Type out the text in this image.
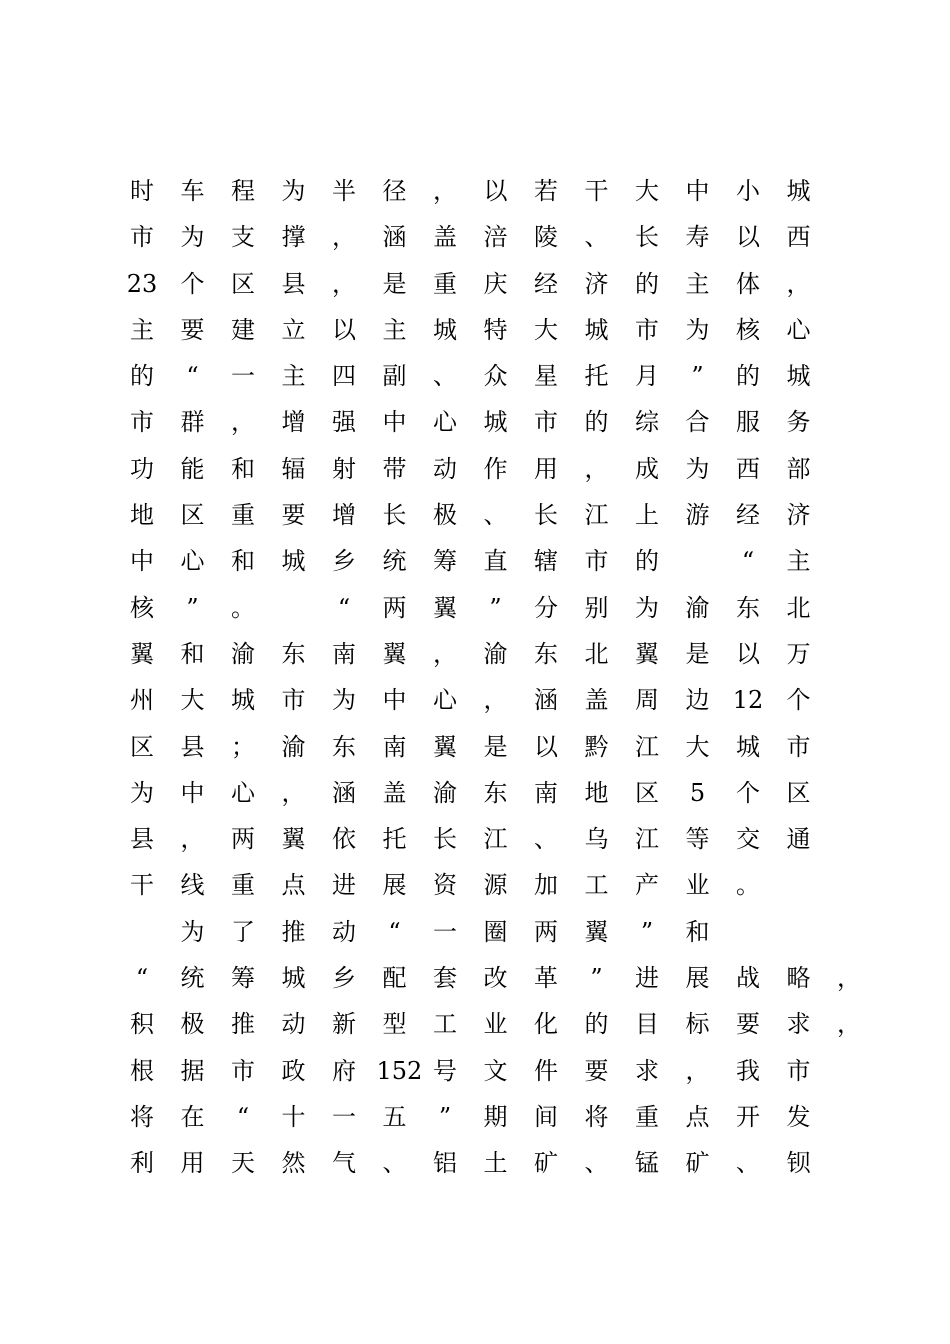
时 车 程 为 半 径 ， 以 若 干 大 中 小 城
市 为 支 撑 ， 涵 盖 涪 陵 、 长 寿 以 西
23 个 区 县 ， 是 重 庆 经 济 的 主 体 ，
主 要 建 立 以 主 城 特 大 城 市 为 核 心
的	“	一 主 四 副 、 众 星 托 月	”	的 城
市 群 ， 增 强 中 心 城 市 的 综 合 服 务
功 能 和 辐 射 带 动 作 用 ， 成 为 西 部
地 区 重 要 增 长 极 、 长 江 上 游 经 济
中 心 和 城 乡 统 筹 直 辖 市 的
　	“	主
核	”	。
　	“	两 翼	”	分 别 为 渝 东 北
翼 和 渝 东 南 翼 ， 渝 东 北 翼 是 以 万
州 大 城 市 为 中 心 ， 涵 盖 周 边 12 个
区 县 ； 渝 东 南 翼 是 以 黔 江 大 城 市
为 中 心 ， 涵 盖 渝 东 南 地 区	5	个 区
县 ， 两 翼 依 托 长 江 、 乌 江 等 交 通
干 线 重 点 进 展 资 源 加 工 产 业 。

为 了 推 动	“	一 圈 两 翼	”	和
“	统 筹 城 乡 配 套 改 革	”	进 展 战 略 ，
积 极 推 动 新 型 工 业 化 的 目 标 要 求 ，
根 据 市 政 府 152 号 文 件 要 求 ， 我 市
将 在	“	十 一 五	”	期 间 将 重 点 开 发
利 用 天 然 气 、 铝 土 矿 、 锰 矿 、 钡
